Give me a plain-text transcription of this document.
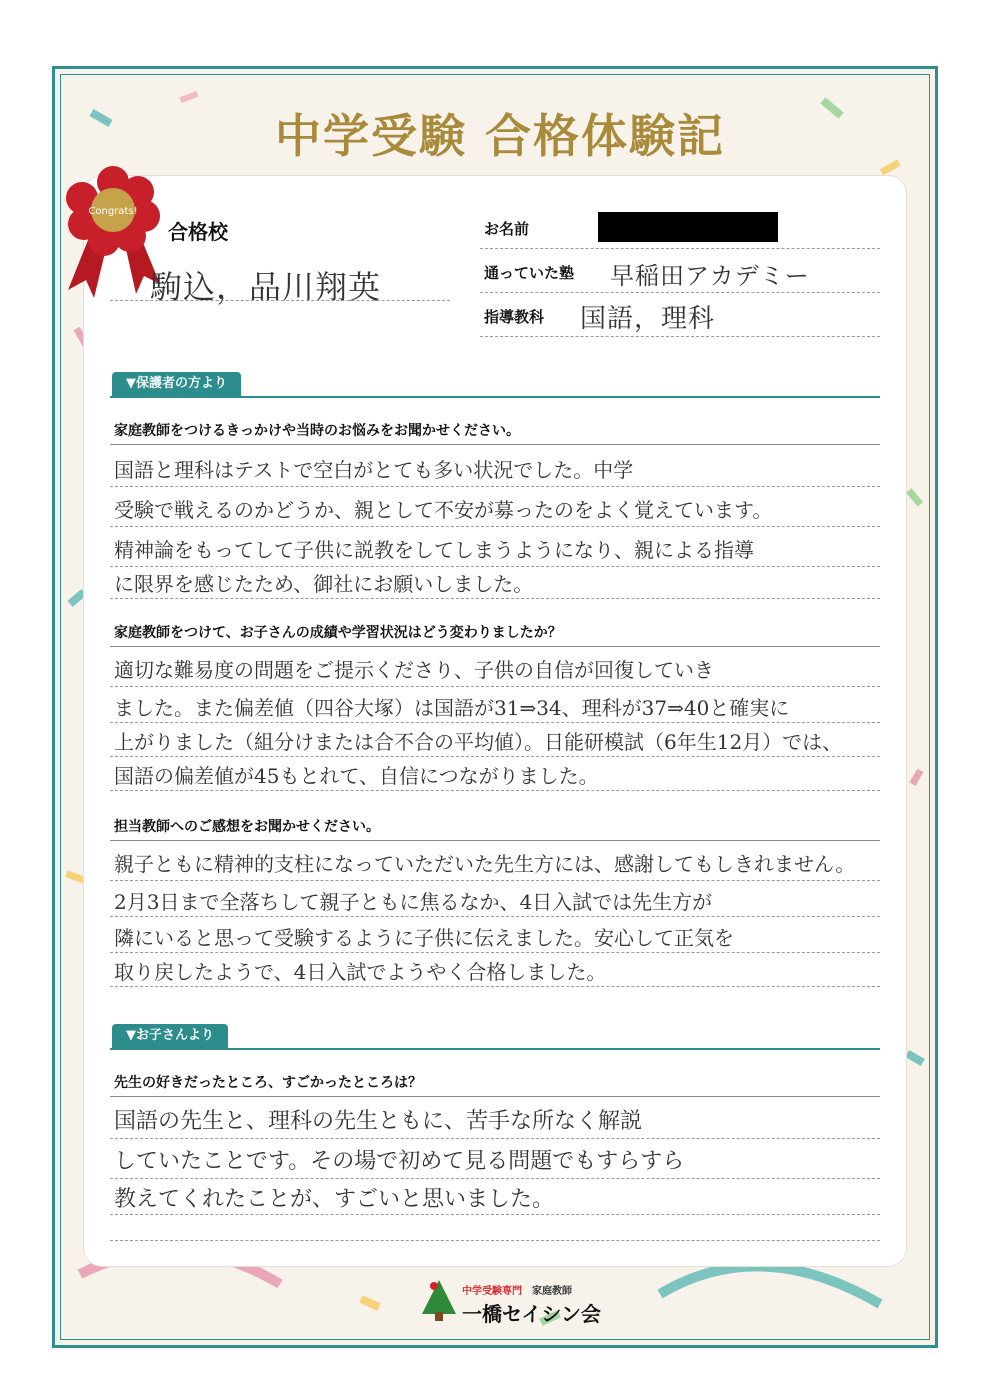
中学受験 合格体験記
Congrats!
合格校
駒込，品川翔英
お名前
通っていた塾 早稲田アカデミー
指導教科 国語，理科
▼保護者の方より
家庭教師をつけるきっかけや当時のお悩みをお聞かせください。
国語と理科はテストで空白がとても多い状況でした。中学
受験で戦えるのかどうか、親として不安が募ったのをよく覚えています。
精神論をもってして子供に説教をしてしまうようになり、親による指導
に限界を感じたため、御社にお願いしました。
家庭教師をつけて、お子さんの成績や学習状況はどう変わりましたか？
適切な難易度の問題をご提示くださり、子供の自信が回復していき
ました。また偏差値（四谷大塚）は国語が31⇒34、理科が37⇒40と確実に
上がりました（組分けまたは合不合の平均値）。日能研模試（6年生12月）では、
国語の偏差値が45もとれて、自信につながりました。
担当教師へのご感想をお聞かせください。
親子ともに精神的支柱になっていただいた先生方には、感謝してもしきれません。
2月3日まで全落ちして親子ともに焦るなか、4日入試では先生方が
隣にいると思って受験するように子供に伝えました。安心して正気を
取り戻したようで、4日入試でようやく合格しました。
▼お子さんより
先生の好きだったところ、すごかったところは？
国語の先生と、理科の先生ともに、苦手な所なく解説
していたことです。その場で初めて見る問題でもすらすら
教えてくれたことが、すごいと思いました。
中学受験専門 家庭教師
一橋セイシン会
